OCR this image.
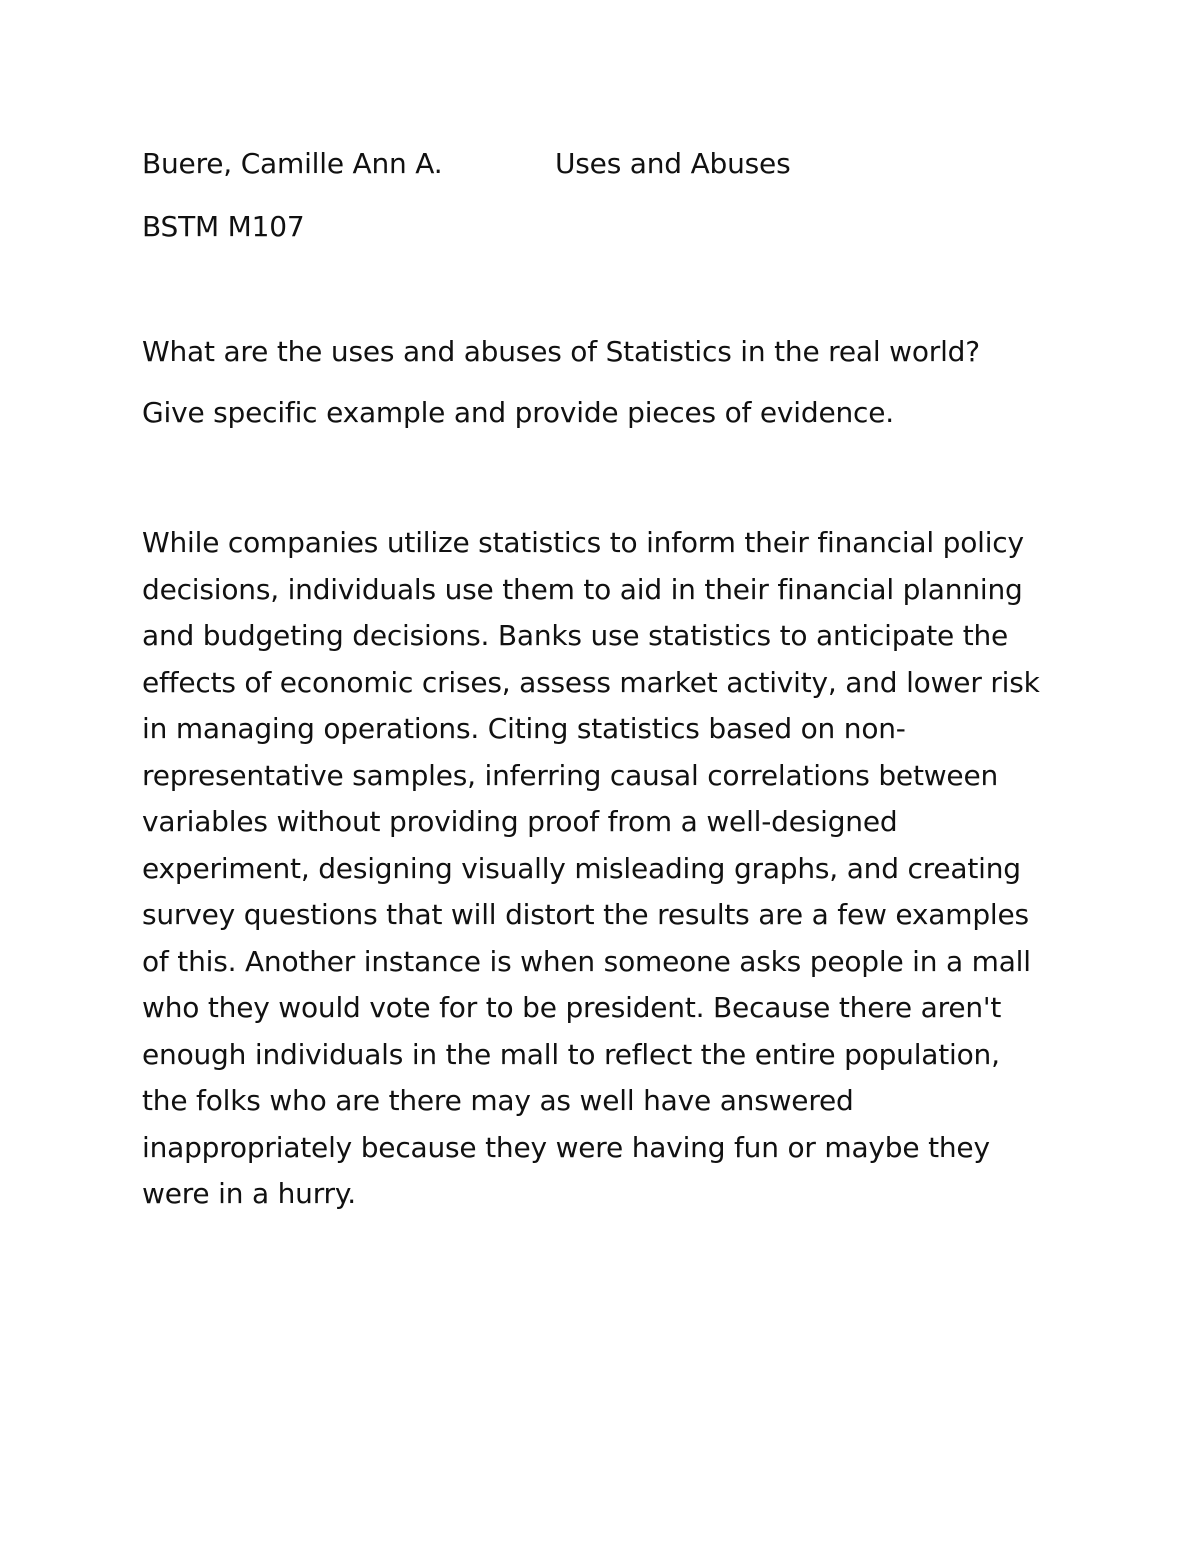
Buere, Camille Ann A.	Uses and Abuses
BSTM M107
What are the uses and abuses of Statistics in the real world?
Give specific example and provide pieces of evidence.
While companies utilize statistics to inform their financial policy
decisions, individuals use them to aid in their financial planning
and budgeting decisions. Banks use statistics to anticipate the
effects of economic crises, assess market activity, and lower risk
in managing operations. Citing statistics based on non-
representative samples, inferring causal correlations between
variables without providing proof from a well-designed
experiment, designing visually misleading graphs, and creating
survey questions that will distort the results are a few examples
of this. Another instance is when someone asks people in a mall
who they would vote for to be president. Because there aren't
enough individuals in the mall to reflect the entire population,
the folks who are there may as well have answered
inappropriately because they were having fun or maybe they
were in a hurry.
